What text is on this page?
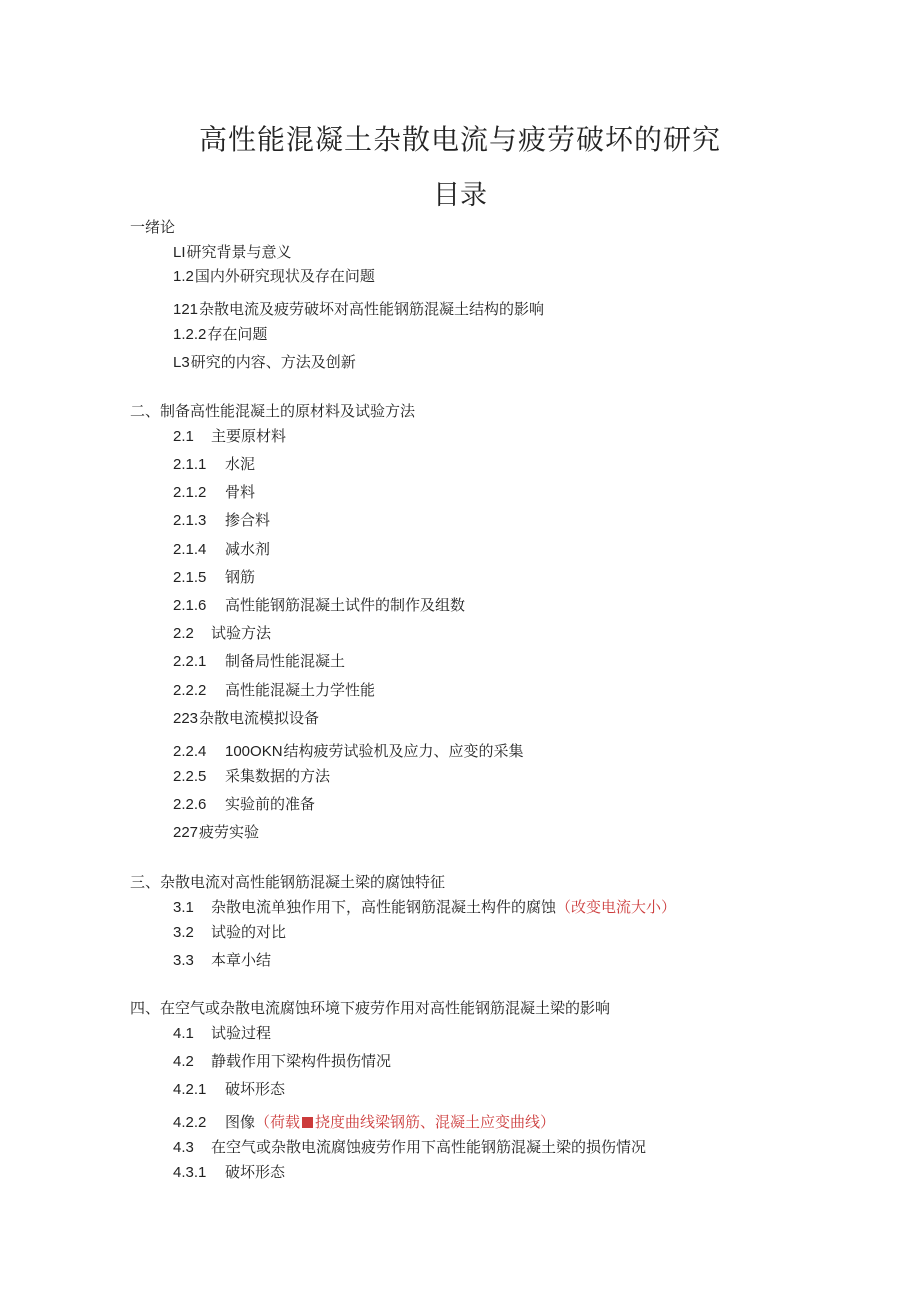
高性能混凝土杂散电流与疲劳破坏的研究
目录
一绪论
LI研究背景与意义
1.2国内外研究现状及存在问题
121杂散电流及疲劳破坏对高性能钢筋混凝土结构的影响
1.2.2存在问题
L3研究的内容、方法及创新
二、制备高性能混凝土的原材料及试验方法
2.1 主要原材料
2.1.1 水泥
2.1.2 骨料
2.1.3 掺合料
2.1.4 减水剂
2.1.5 钢筋
2.1.6 高性能钢筋混凝土试件的制作及组数
2.2 试验方法
2.2.1 制备局性能混凝土
2.2.2 高性能混凝土力学性能
223杂散电流模拟设备
2.2.4 100OKN结构疲劳试验机及应力、应变的采集
2.2.5 采集数据的方法
2.2.6 实验前的准备
227疲劳实验
三、杂散电流对高性能钢筋混凝土梁的腐蚀特征
3.1 杂散电流单独作用下，高性能钢筋混凝土构件的腐蚀（改变电流大小）
3.2 试验的对比
3.3 本章小结
四、在空气或杂散电流腐蚀环境下疲劳作用对高性能钢筋混凝土梁的影响
4.1 试验过程
4.2 静载作用下梁构件损伤情况
4.2.1 破坏形态
4.2.2 图像（荷载 挠度曲线梁钢筋、混凝土应变曲线）
4.3 在空气或杂散电流腐蚀疲劳作用下高性能钢筋混凝土梁的损伤情况
4.3.1 破坏形态
